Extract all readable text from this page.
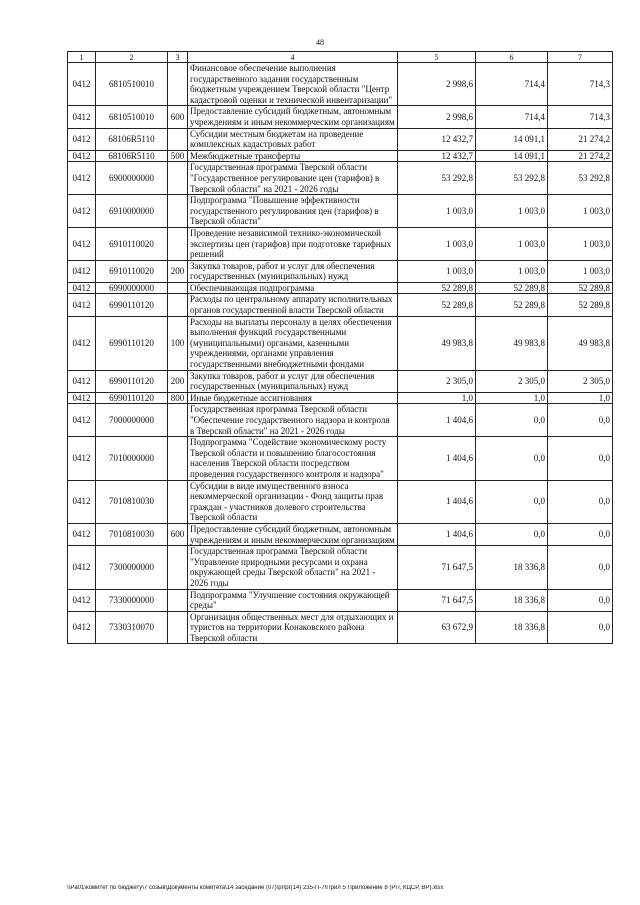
48
1	2	3	4	5	6	7
0412	6810510010		Финансовое обеспечение выполнения государственного задания государственным бюджетным учреждением Тверской области "Центр кадастровой оценки и технической инвентаризации"	2 998,6	714,4	714,3
0412	6810510010	600	Предоставление субсидий бюджетным, автономным учреждениям и иным некоммерческим организациям	2 998,6	714,4	714,3
0412	68106R5110		Субсидии местным бюджетам на проведение комплексных кадастровых работ	12 432,7	14 091,1	21 274,2
0412	68106R5110	500	Межбюджетные трансферты	12 432,7	14 091,1	21 274,2
0412	6900000000		Государственная программа Тверской области "Государственное регулирование цен (тарифов) в Тверской области" на 2021 - 2026 годы	53 292,8	53 292,8	53 292,8
0412	6910000000		Подпрограмма "Повышение эффективности государственного регулирования цен (тарифов) в Тверской области"	1 003,0	1 003,0	1 003,0
0412	6910110020		Проведение независимой технико-экономической экспертизы цен (тарифов) при подготовке тарифных решений	1 003,0	1 003,0	1 003,0
0412	6910110020	200	Закупка товаров, работ и услуг для обеспечения государственных (муниципальных) нужд	1 003,0	1 003,0	1 003,0
0412	6990000000		Обеспечивающая подпрограмма	52 289,8	52 289,8	52 289,8
0412	6990110120		Расходы по центральному аппарату исполнительных органов государственной власти Тверской области	52 289,8	52 289,8	52 289,8
0412	6990110120	100	Расходы на выплаты персоналу в целях обеспечения выполнения функций государственными (муниципальными) органами, казенными учреждениями, органами управления государственными внебюджетными фондами	49 983,8	49 983,8	49 983,8
0412	6990110120	200	Закупка товаров, работ и услуг для обеспечения государственных (муниципальных) нужд	2 305,0	2 305,0	2 305,0
0412	6990110120	800	Иные бюджетные ассигнования	1,0	1,0	1,0
0412	7000000000		Государственная программа Тверской области "Обеспечение государственного надзора и контроля в Тверской области" на 2021 - 2026 годы	1 404,6	0,0	0,0
0412	7010000000		Подпрограмма "Содействие экономическому росту Тверской области и повышению благосостояния населения Тверской области посредством проведения государственного контроля и надзора"	1 404,6	0,0	0,0
0412	7010810030		Субсидии в виде имущественного взноса некоммерческой организации - Фонд защиты прав граждан - участников долевого строительства Тверской области	1 404,6	0,0	0,0
0412	7010810030	600	Предоставление субсидий бюджетным, автономным учреждениям и иным некоммерческим организациям	1 404,6	0,0	0,0
0412	7300000000		Государственная программа Тверской области "Управление природными ресурсами и охрана окружающей среды Тверской области" на 2021 - 2026 годы	71 647,5	18 336,8	0,0
0412	7330000000		Подпрограмма "Улучшение состояния окружающей среды"	71 647,5	18 336,8	0,0
0412	7330310070		Организация общественных мест для отдыхающих и туристов на территории Конаковского района Тверской области	63 672,9	18 336,8	0,0
\\Pa01\комитет по бюджету\7 созыв\Документы комитета\14 заседание (07)\pr\pr(14) 235-П-7\Прил 5 Приложение 8 (РП, КЦСР, ВР).xlsx
